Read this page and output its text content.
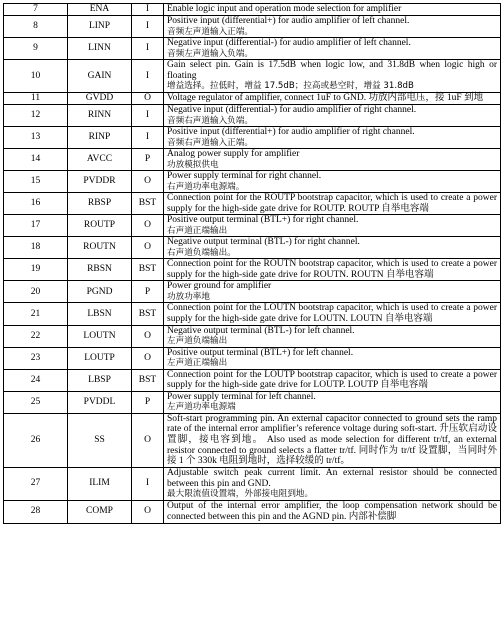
7	ENA	I	Enable logic input and operation mode selection for amplifier

8	LINP	I	Positive input (differential+) for audio amplifier of left channel.
音频左声道输入正端。

9	LINN	I	Negative input (differential-) for audio amplifier of left channel.
音频左声道输入负端。

10	GAIN	I	Gain select pin. Gain is 17.5dB when logic low, and 31.8dB when logic high or floating
增益选择。拉低时，增益 17.5dB；拉高或悬空时，增益 31.8dB

11	GVDD	O	Voltage regulator of amplifier, connect 1uF to GND. 功放内部电压，接 1uF 到地

12	RINN	I	Negative input (differential-) for audio amplifier of right channel.
音频右声道输入负端。

13	RINP	I	Positive input (differential+) for audio amplifier of right channel.
音频右声道输入正端。

14	AVCC	P	Analog power supply for amplifier
功放模拟供电

15	PVDDR	O	Power supply terminal for right channel.
右声道功率电源端。

16	RBSP	BST	Connection point for the ROUTP bootstrap capacitor, which is used to create a power supply for the high-side gate drive for ROUTP. ROUTP 自举电容端

17	ROUTP	O	Positive output terminal (BTL+) for right channel.
右声道正端输出

18	ROUTN	O	Negative output terminal (BTL-) for right channel.
右声道负端输出。

19	RBSN	BST	Connection point for the ROUTN bootstrap capacitor, which is used to create a power supply for the high-side gate drive for ROUTN. ROUTN 自举电容端

20	PGND	P	Power ground for amplifier
功放功率地

21	LBSN	BST	Connection point for the LOUTN bootstrap capacitor, which is used to create a power supply for the high-side gate drive for LOUTN. LOUTN 自举电容端

22	LOUTN	O	Negative output terminal (BTL-) for left channel.
左声道负端输出

23	LOUTP	O	Positive output terminal (BTL+) for left channel.
左声道正端输出

24	LBSP	BST	Connection point for the LOUTP bootstrap capacitor, which is used to create a power supply for the high-side gate drive for LOUTP. LOUTP 自举电容端

25	PVDDL	P	Power supply terminal for left channel.
左声道功率电源端

26	SS	O	Soft-start programming pin. An external capacitor connected to ground sets the ramp rate of the internal error amplifier’s reference voltage during soft-start. 升压软启动设置脚，接电容到地。 Also used as mode selection for different tr/tf, an external resistor connected to ground selects a flatter tr/tf. 同时作为 tr/tf 设置脚，当同时外接 1 个 330k 电阻到地时，选择较缓的 tr/tf。

27	ILIM	I	Adjustable switch peak current limit. An external resistor should be connected between this pin and GND.
最大限流值设置端，外部接电阻到地。

28	COMP	O	Output of the internal error amplifier, the loop compensation network should be connected between this pin and the AGND pin. 内部补偿脚
